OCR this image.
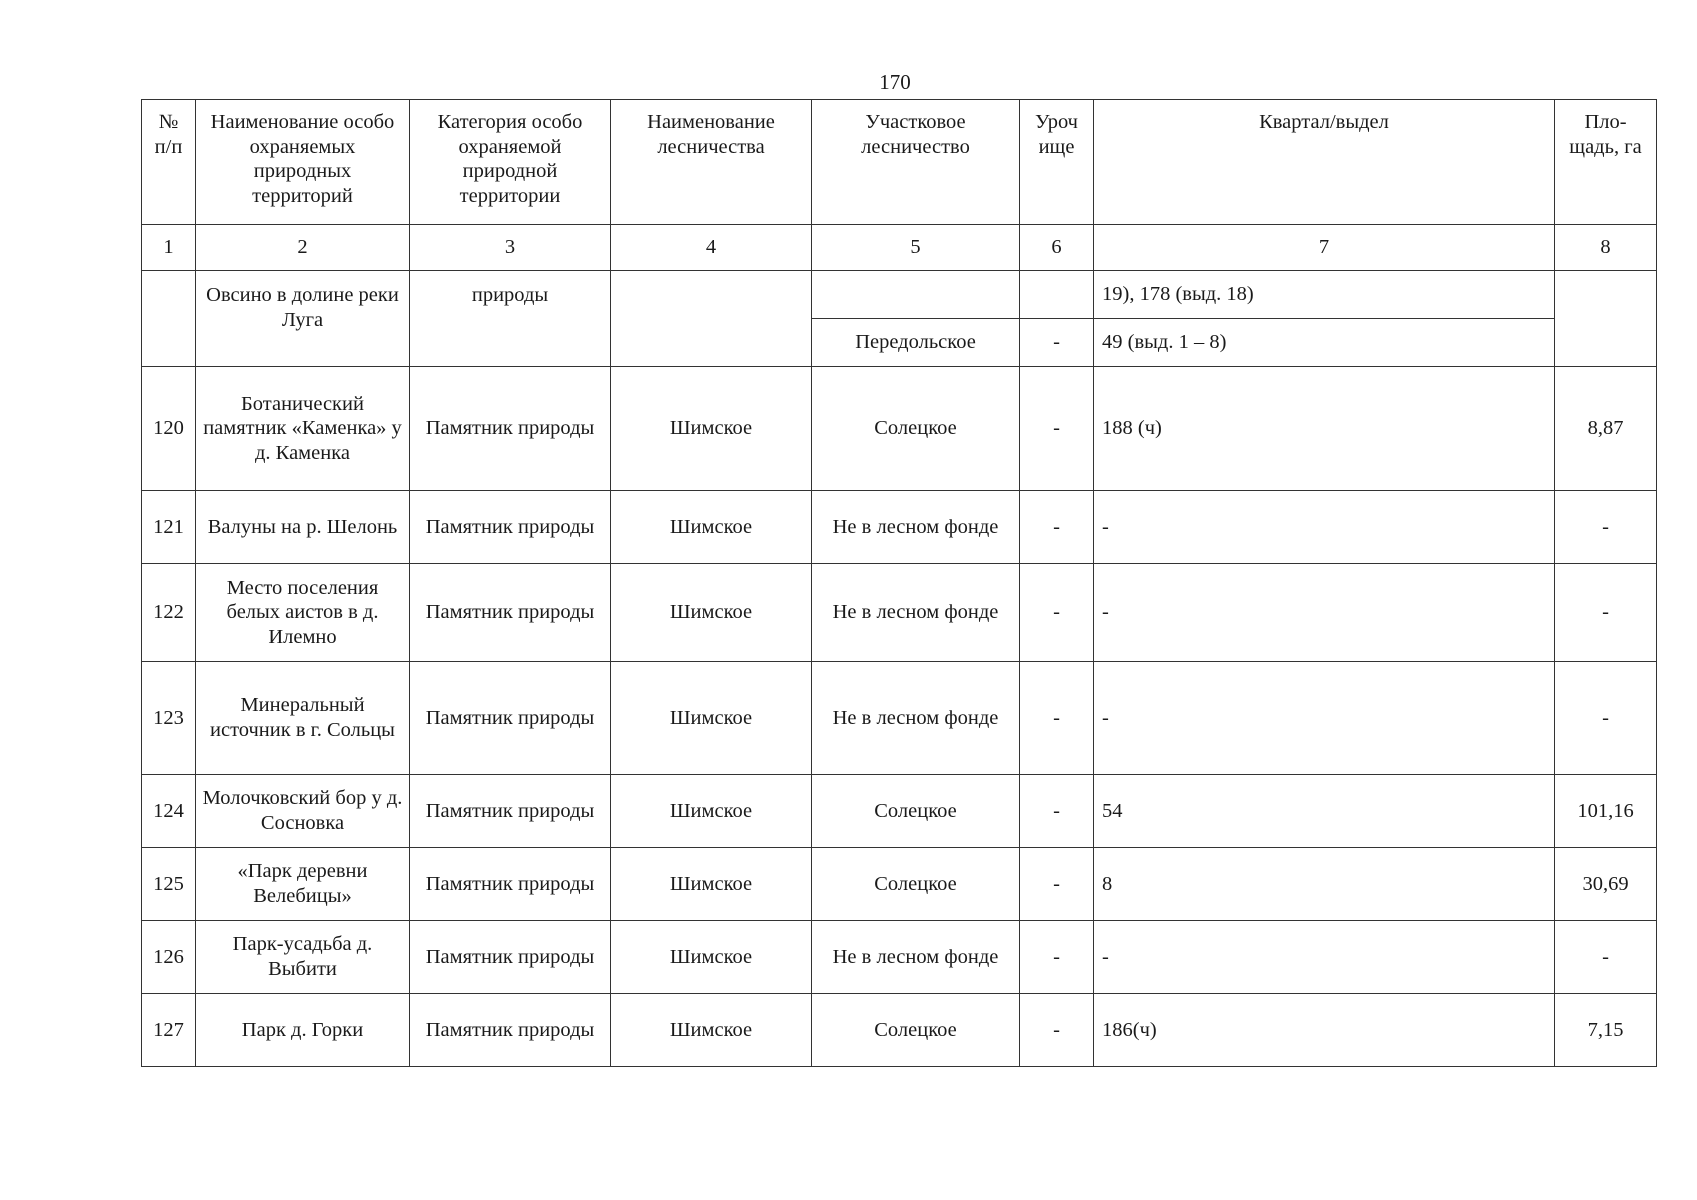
170
№ п/п	Наименование особо охраняемых природных территорий	Категория особо охраняемой природной территории	Наименование лесничества	Участковое лесничество	Уроч ище	Квартал/выдел	Пло-щадь, га
1	2	3	4	5	6	7	8
	Овсино в долине реки Луга	природы				19), 178 (выд. 18)	
				Передольское	-	49 (выд. 1 – 8)	
120	Ботанический памятник «Каменка» у д. Каменка	Памятник природы	Шимское	Солецкое	-	188 (ч)	8,87
121	Валуны на р. Шелонь	Памятник природы	Шимское	Не в лесном фонде	-	-	-
122	Место поселения белых аистов в д. Илемно	Памятник природы	Шимское	Не в лесном фонде	-	-	-
123	Минеральный источник в г. Сольцы	Памятник природы	Шимское	Не в лесном фонде	-	-	-
124	Молочковский бор у д. Сосновка	Памятник природы	Шимское	Солецкое	-	54	101,16
125	«Парк деревни Велебицы»	Памятник природы	Шимское	Солецкое	-	8	30,69
126	Парк-усадьба д. Выбити	Памятник природы	Шимское	Не в лесном фонде	-	-	-
127	Парк д. Горки	Памятник природы	Шимское	Солецкое	-	186(ч)	7,15
